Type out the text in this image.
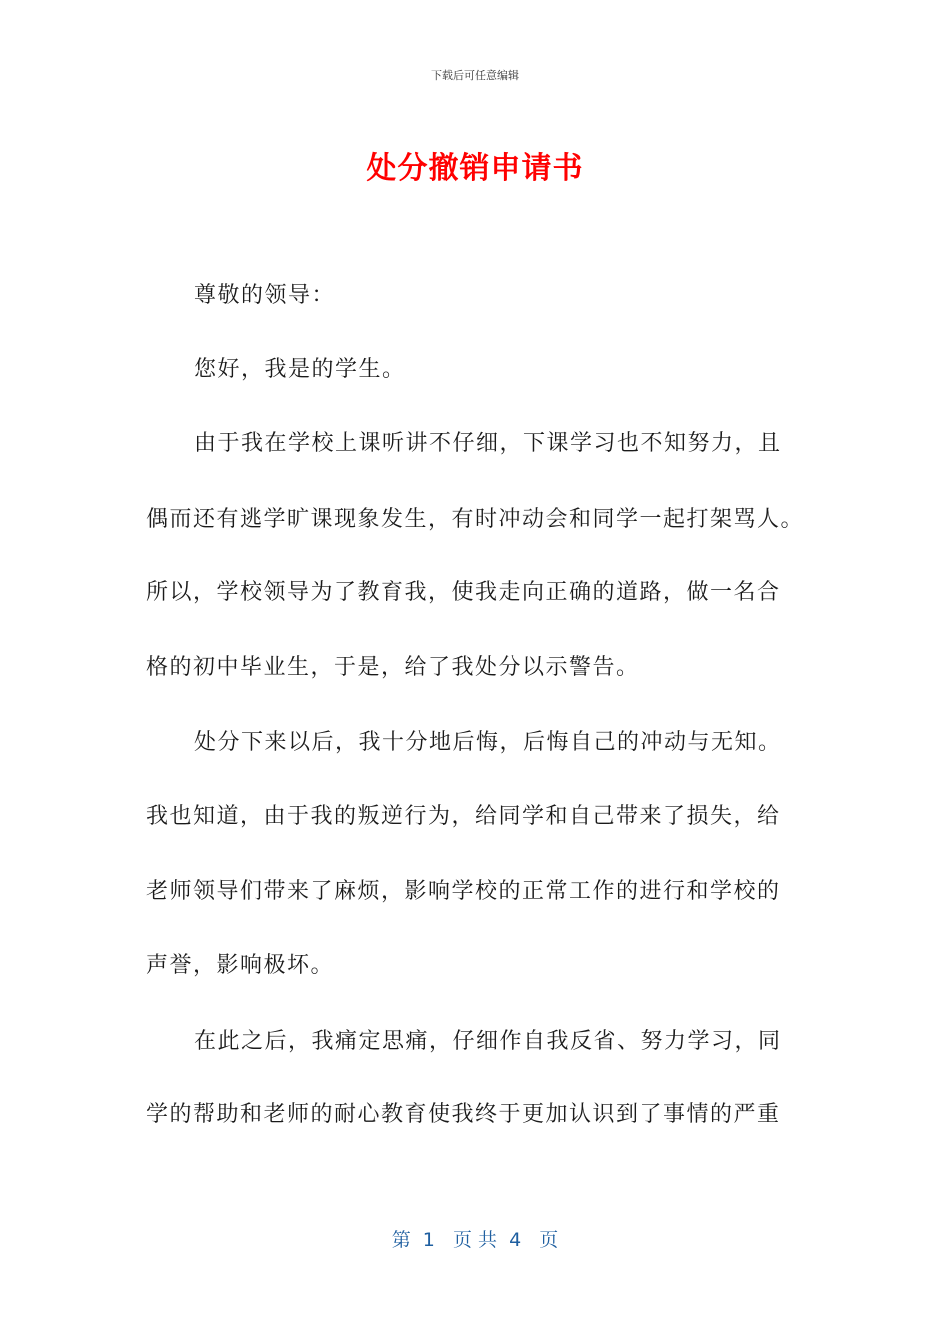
下载后可任意编辑
处分撤销申请书
尊敬的领导：
您好，我是的学生。
由于我在学校上课听讲不仔细，下课学习也不知努力，且
偶而还有逃学旷课现象发生，有时冲动会和同学一起打架骂人。
所以，学校领导为了教育我，使我走向正确的道路，做一名合
格的初中毕业生，于是，给了我处分以示警告。
处分下来以后，我十分地后悔，后悔自己的冲动与无知。
我也知道，由于我的叛逆行为，给同学和自己带来了损失，给
老师领导们带来了麻烦，影响学校的正常工作的进行和学校的
声誉，影响极坏。
在此之后，我痛定思痛，仔细作自我反省、努力学习，同
学的帮助和老师的耐心教育使我终于更加认识到了事情的严重
第  1   页 共  4   页
